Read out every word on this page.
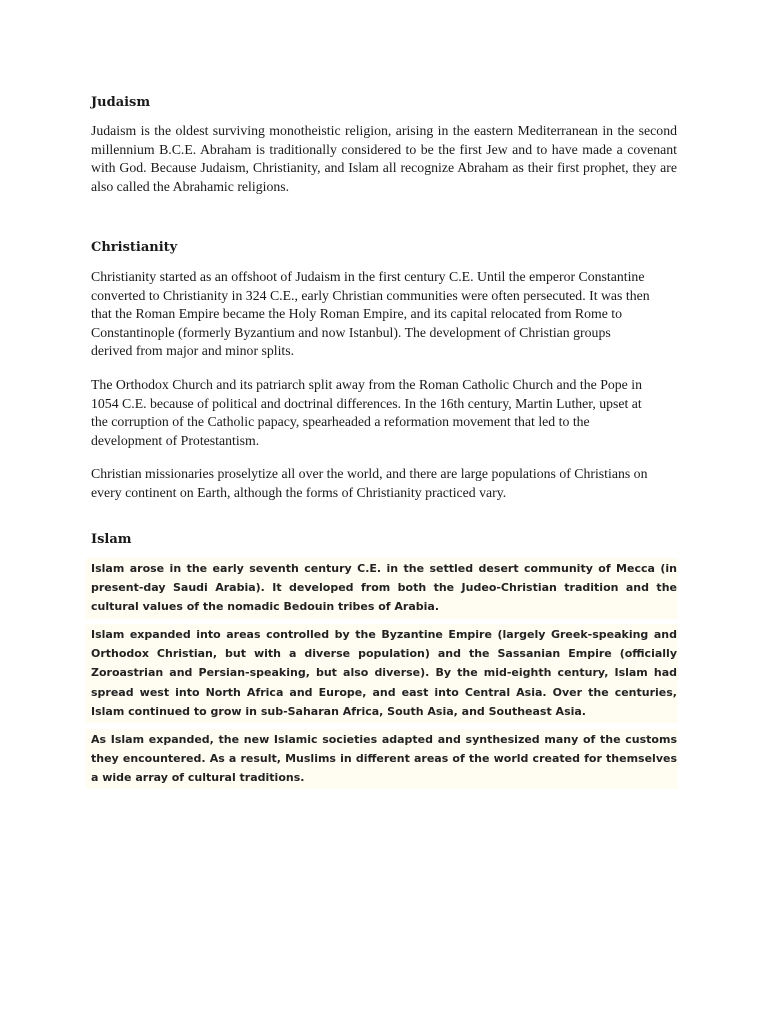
Judaism

Judaism is the oldest surviving monotheistic religion, arising in the eastern Mediterranean in the second millennium B.C.E. Abraham is traditionally considered to be the first Jew and to have made a covenant with God. Because Judaism, Christianity, and Islam all recognize Abraham as their first prophet, they are also called the Abrahamic religions.

Christianity

Christianity started as an offshoot of Judaism in the first century C.E. Until the emperor Constantine converted to Christianity in 324 C.E., early Christian communities were often persecuted. It was then that the Roman Empire became the Holy Roman Empire, and its capital relocated from Rome to Constantinople (formerly Byzantium and now Istanbul). The development of Christian groups derived from major and minor splits.

The Orthodox Church and its patriarch split away from the Roman Catholic Church and the Pope in 1054 C.E. because of political and doctrinal differences. In the 16th century, Martin Luther, upset at the corruption of the Catholic papacy, spearheaded a reformation movement that led to the development of Protestantism.

Christian missionaries proselytize all over the world, and there are large populations of Christians on every continent on Earth, although the forms of Christianity practiced vary.

Islam

Islam arose in the early seventh century C.E. in the settled desert community of Mecca (in present-day Saudi Arabia). It developed from both the Judeo-Christian tradition and the cultural values of the nomadic Bedouin tribes of Arabia.

Islam expanded into areas controlled by the Byzantine Empire (largely Greek-speaking and Orthodox Christian, but with a diverse population) and the Sassanian Empire (officially Zoroastrian and Persian-speaking, but also diverse). By the mid-eighth century, Islam had spread west into North Africa and Europe, and east into Central Asia. Over the centuries, Islam continued to grow in sub-Saharan Africa, South Asia, and Southeast Asia.

As Islam expanded, the new Islamic societies adapted and synthesized many of the customs they encountered. As a result, Muslims in different areas of the world created for themselves a wide array of cultural traditions.
